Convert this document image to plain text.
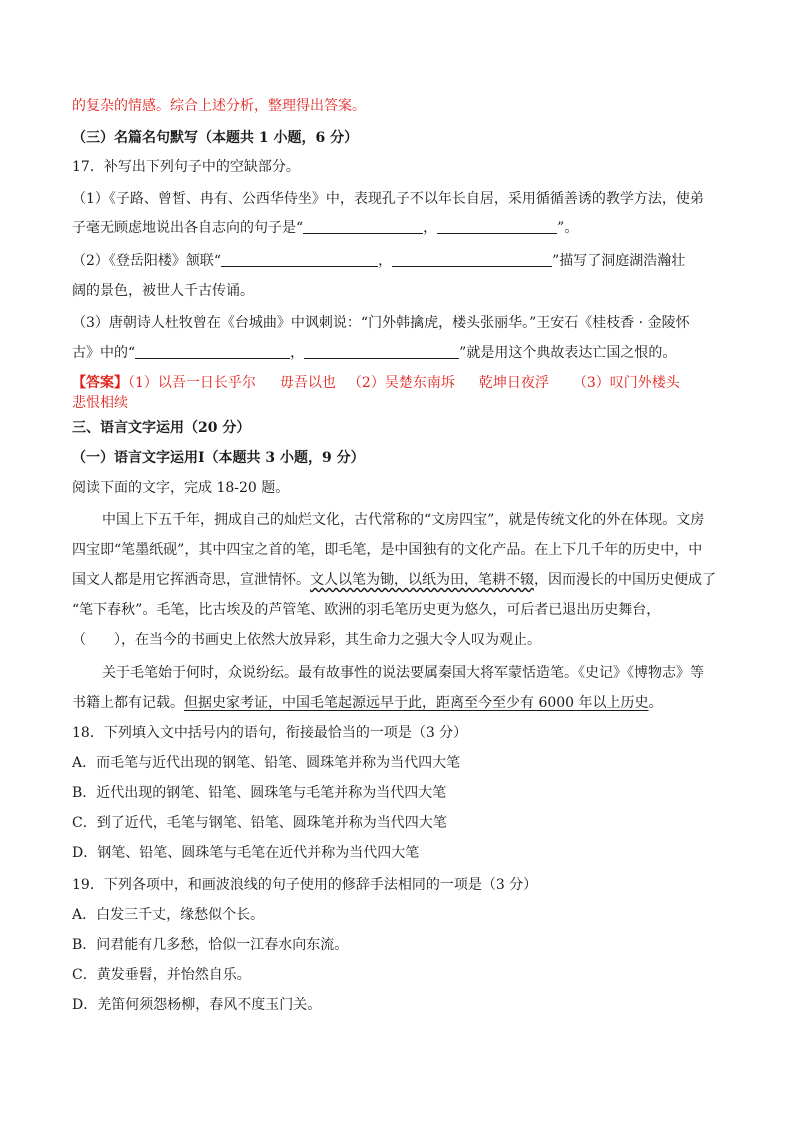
的复杂的情感。综合上述分析，整理得出答案。
（三）名篇名句默写（本题共 1 小题，6 分）
17．补写出下列句子中的空缺部分。
（1）《子路、曾皙、冉有、公西华侍坐》中，表现孔子不以年长自居，采用循循善诱的教学方法，使弟
子毫无顾虑地说出各自志向的句子是“	，	”。
（2）《登岳阳楼》颔联“	，	”描写了洞庭湖浩瀚壮
阔的景色，被世人千古传诵。
（3）唐朝诗人杜牧曾在《台城曲》中讽刺说：“门外韩擒虎，楼头张丽华。”王安石《桂枝香 · 金陵怀
古》中的“	，	”就是用这个典故表达亡国之恨的。
【答案】（1）以吾一日长乎尔 毋吾以也 （2）吴楚东南坼 乾坤日夜浮 （3）叹门外楼头
悲恨相续
三、语言文字运用（20 分）
（一）语言文字运用Ⅰ（本题共 3 小题，9 分）
阅读下面的文字，完成 18-20 题。
中国上下五千年，拥成自己的灿烂文化，古代常称的“文房四宝”，就是传统文化的外在体现。文房
四宝即“笔墨纸砚”，其中四宝之首的笔，即毛笔，是中国独有的文化产品。在上下几千年的历史中，中
国文人都是用它挥洒奇思，宣泄情怀。文人以笔为锄，以纸为田，笔耕不辍，因而漫长的中国历史便成了
“笔下春秋”。毛笔，比古埃及的芦管笔、欧洲的羽毛笔历史更为悠久，可后者已退出历史舞台，
（　　），在当今的书画史上依然大放异彩，其生命力之强大令人叹为观止。
关于毛笔始于何时，众说纷纭。最有故事性的说法要属秦国大将军蒙恬造笔。《史记》《博物志》等
书籍上都有记载。但据史家考证，中国毛笔起源远早于此，距离至今至少有 6000 年以上历史。
18．下列填入文中括号内的语句，衔接最恰当的一项是（3 分）
A．而毛笔与近代出现的钢笔、铅笔、圆珠笔并称为当代四大笔
B．近代出现的钢笔、铅笔、圆珠笔与毛笔并称为当代四大笔
C．到了近代，毛笔与钢笔、铅笔、圆珠笔并称为当代四大笔
D．钢笔、铅笔、圆珠笔与毛笔在近代并称为当代四大笔
19．下列各项中，和画波浪线的句子使用的修辞手法相同的一项是（3 分）
A．白发三千丈，缘愁似个长。
B．问君能有几多愁，恰似一江春水向东流。
C．黄发垂髫，并怡然自乐。
D．羌笛何须怨杨柳，春风不度玉门关。
